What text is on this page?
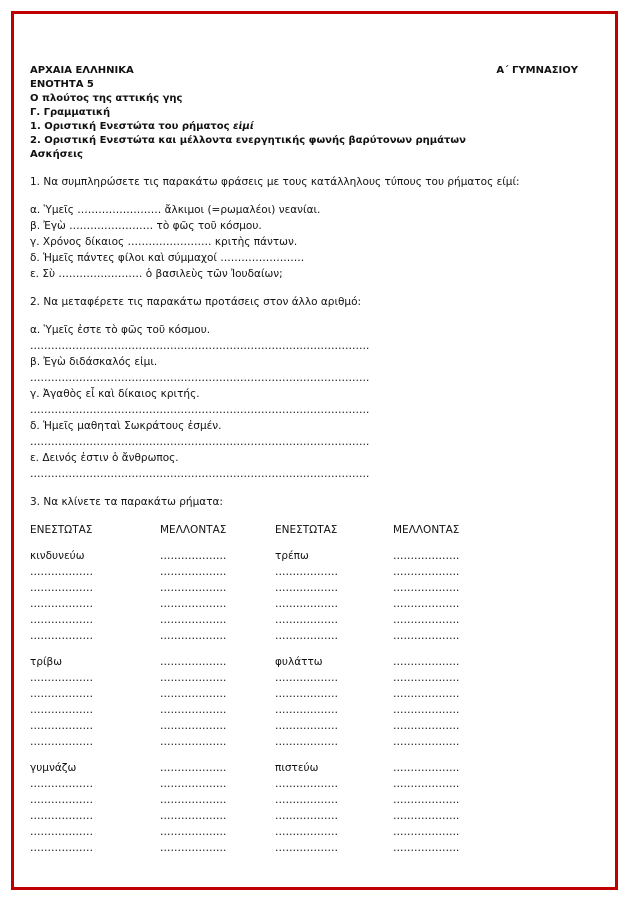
ΑΡΧΑΙΑ ΕΛΛΗΝΙΚΑ	Α΄ ΓΥΜΝΑΣΙΟΥ
ΕΝΟΤΗΤΑ 5
Ο πλούτος της αττικής γης
Γ. Γραμματική
1. Οριστική Ενεστώτα του ρήματος εἰμί
2. Οριστική Ενεστώτα και μέλλοντα ενεργητικής φωνής βαρύτονων ρημάτων
Ασκήσεις
1. Να συμπληρώσετε τις παρακάτω φράσεις με τους κατάλληλους τύπους του ρήματος είμί:
α. Ὑμεῖς …………………… ἄλκιμοι (=ρωμαλέοι) νεανίαι.
β. Ἐγὼ …………………… τὸ φῶς τοῦ κόσμου.
γ. Χρόνος δίκαιος …………………… κριτὴς πάντων.
δ. Ἡμεῖς πάντες φίλοι καὶ σύμμαχοί ……………………
ε. Σὺ …………………… ὁ βασιλεὺς τῶν Ἰουδαίων;
2. Να μεταφέρετε τις παρακάτω προτάσεις στον άλλο αριθμό:
α. Ὑμεῖς ἐστε τὸ φῶς τοῦ κόσμου.
…………………………………………………………………………………….
β. Ἐγὼ διδάσκαλός εἰμι.
…………………………………………………………………………………….
γ. Ἀγαθὸς εἶ καὶ δίκαιος κριτής.
…………………………………………………………………………………….
δ. Ἡμεῖς μαθηταὶ Σωκράτους ἐσμέν.
…………………………………………………………………………………….
ε. Δεινός ἐστιν ὁ ἄνθρωπος.
…………………………………………………………………………………….
3. Να κλίνετε τα παρακάτω ρήματα:
ΕΝΕΣΤΩΤΑΣ	ΜΕΛΛΟΝΤΑΣ	ΕΝΕΣΤΩΤΑΣ	ΜΕΛΛΟΝΤΑΣ

κινδυνεύω	……………….	τρέπω	……………….
………………	……………….	………………	……………….
………………	……………….	………………	……………….
………………	……………….	………………	……………….
………………	……………….	………………	……………….
………………	……………….	………………	……………….

τρίβω	……………….	φυλάττω	……………….
………………	……………….	………………	……………….
………………	……………….	………………	……………….
………………	……………….	………………	……………….
………………	……………….	………………	……………….
………………	……………….	………………	……………….

γυμνάζω	……………….	πιστεύω	……………….
………………	……………….	………………	……………….
………………	……………….	………………	……………….
………………	……………….	………………	……………….
………………	……………….	………………	……………….
………………	……………….	………………	……………….
